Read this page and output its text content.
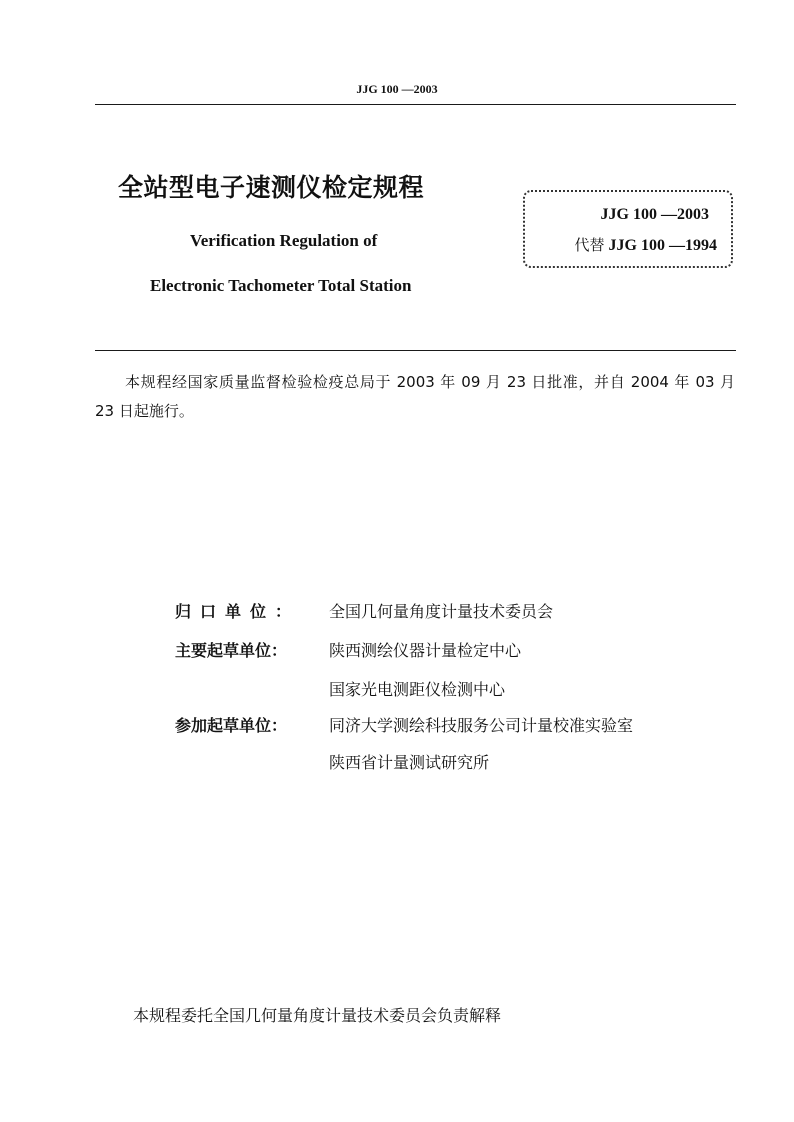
JJG 100 —2003
全站型电子速测仪检定规程
Verification Regulation of
Electronic Tachometer Total Station
JJG 100 —2003
代替 JJG 100 —1994
本规程经国家质量监督检验检疫总局于 2003 年 09 月 23 日批准，并自 2004 年 03 月 23 日起施行。
归口单位： 全国几何量角度计量技术委员会
主要起草单位：	陕西测绘仪器计量检定中心
国家光电测距仪检测中心
参加起草单位：	同济大学测绘科技服务公司计量校准实验室
陕西省计量测试研究所
本规程委托全国几何量角度计量技术委员会负责解释
